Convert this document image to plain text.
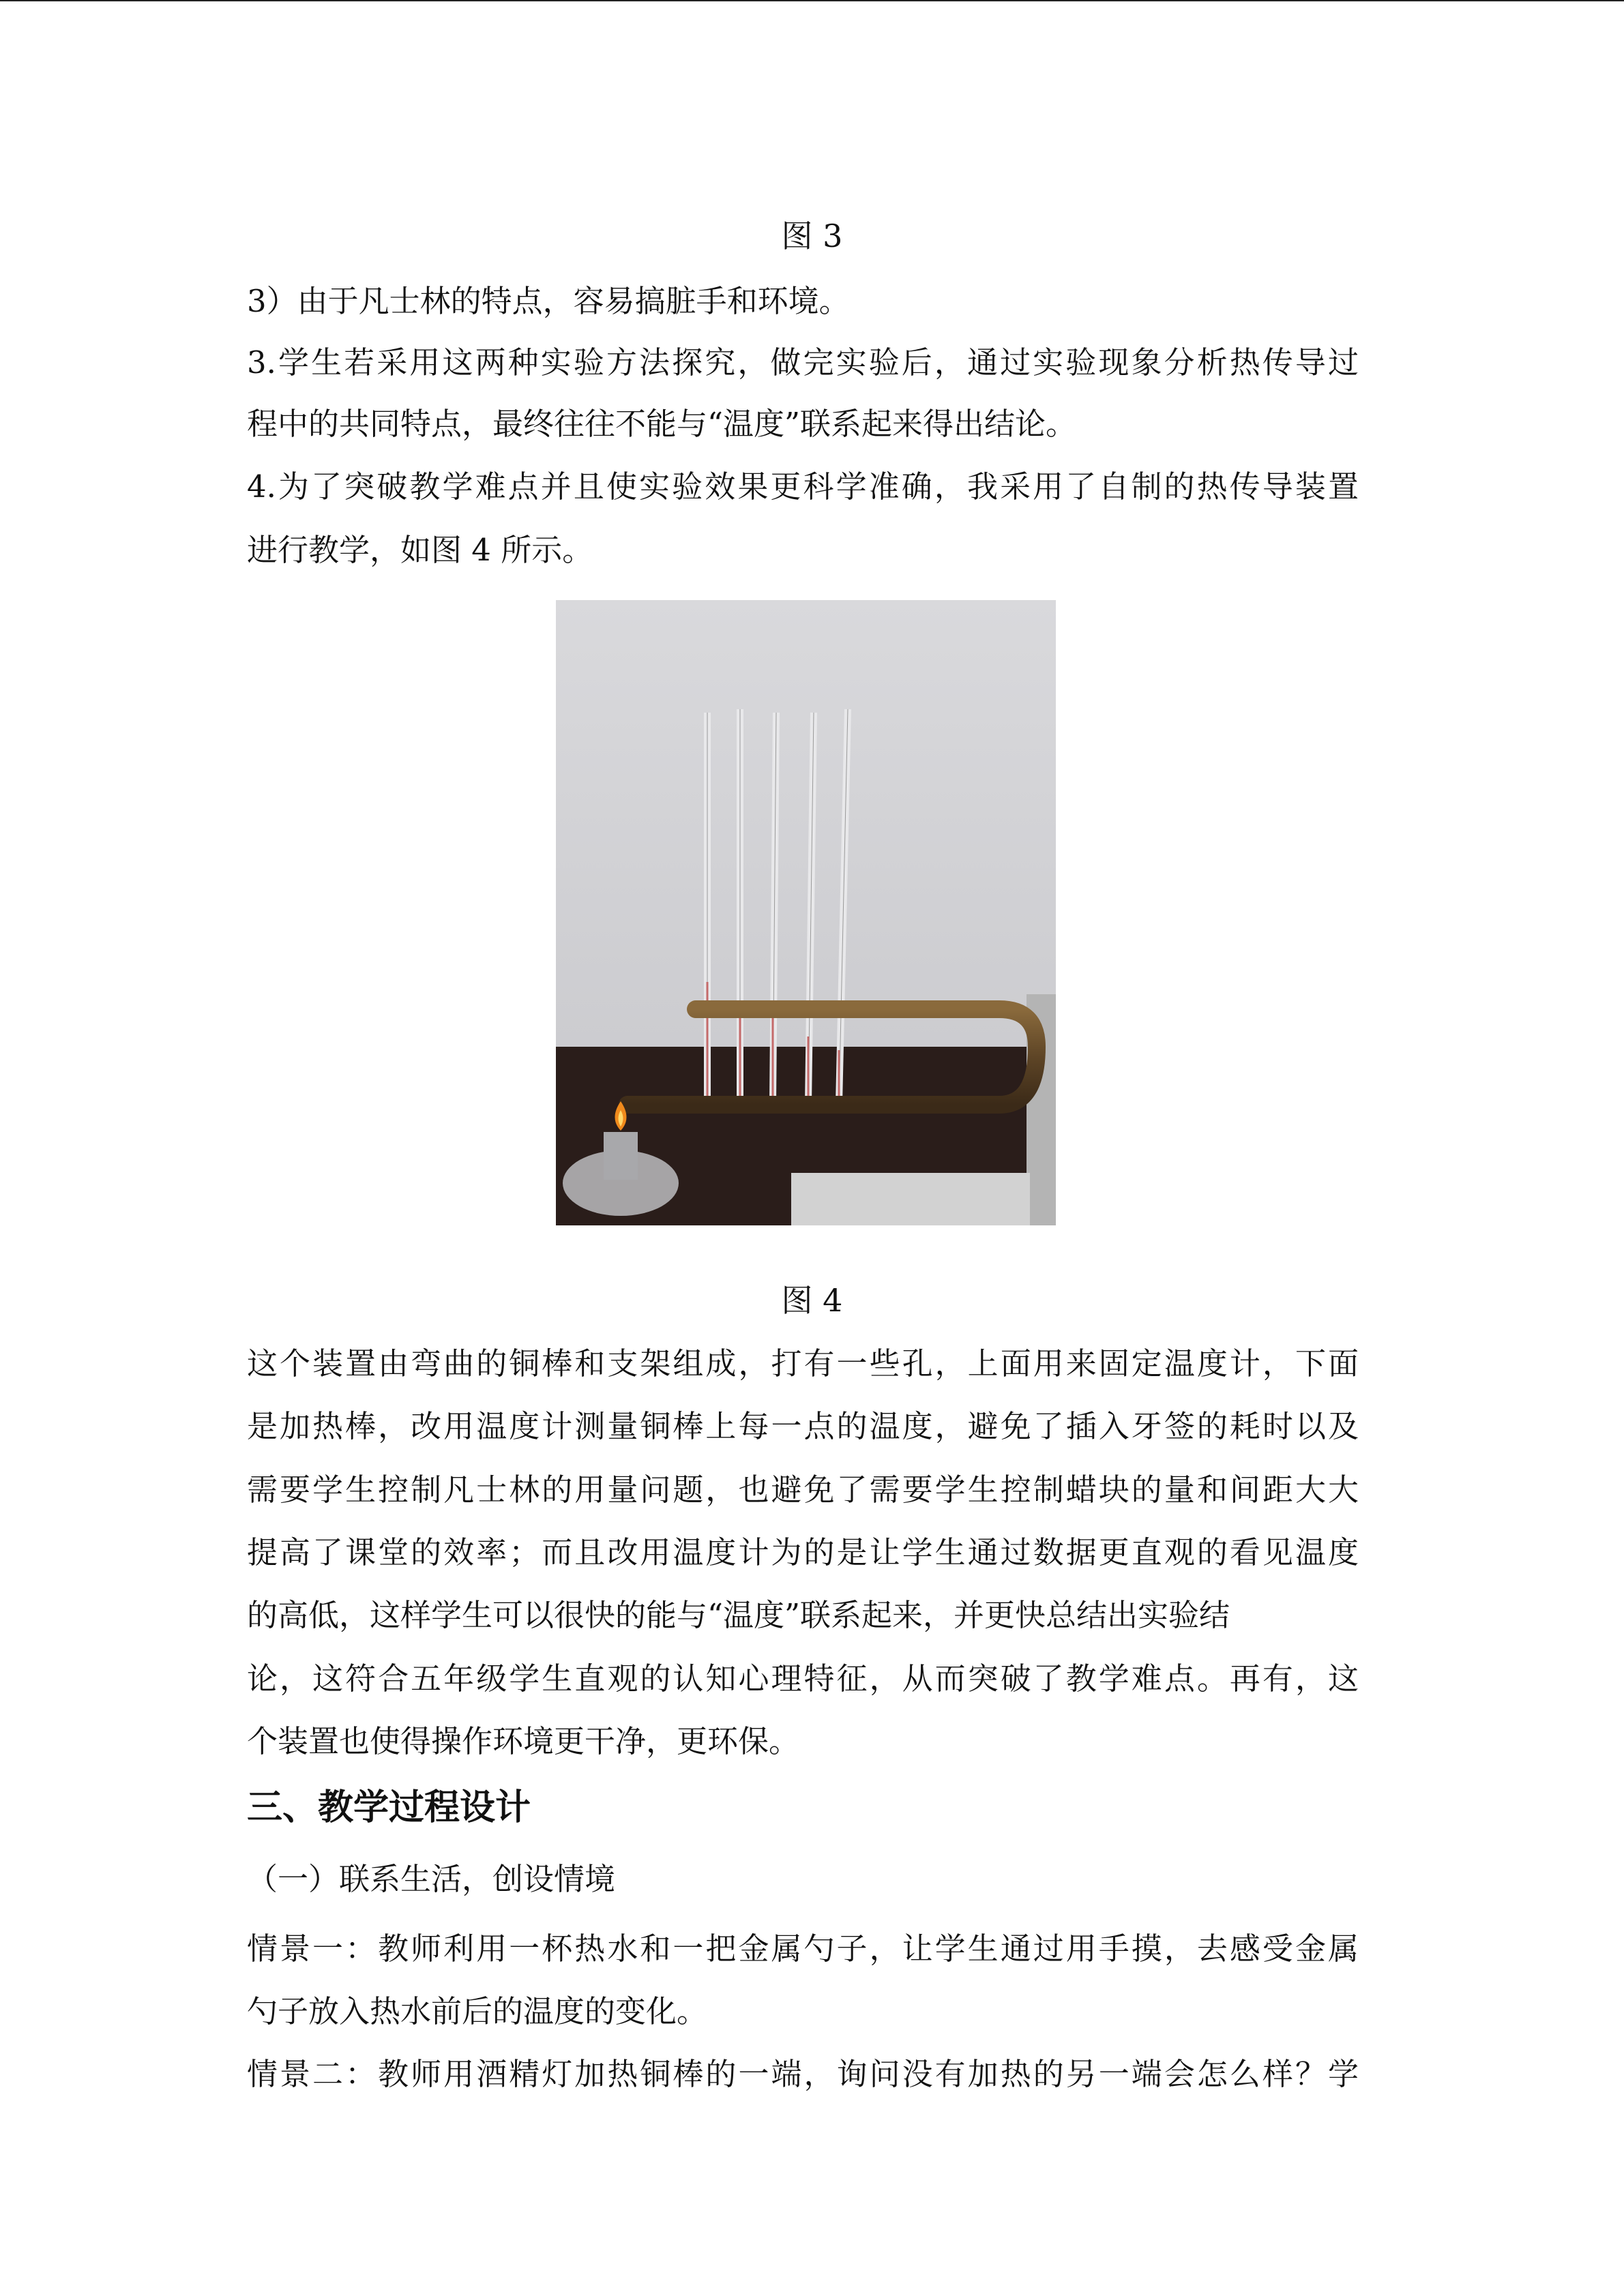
图 3
3）由于凡士林的特点，容易搞脏手和环境。
3.学生若采用这两种实验方法探究，做完实验后，通过实验现象分析热传导过
程中的共同特点，最终往往不能与“温度”联系起来得出结论。
4.为了突破教学难点并且使实验效果更科学准确，我采用了自制的热传导装置
进行教学，如图 4 所示。
图 4
这个装置由弯曲的铜棒和支架组成，打有一些孔，上面用来固定温度计，下面
是加热棒，改用温度计测量铜棒上每一点的温度，避免了插入牙签的耗时以及
需要学生控制凡士林的用量问题，也避免了需要学生控制蜡块的量和间距大大
提高了课堂的效率；而且改用温度计为的是让学生通过数据更直观的看见温度
的高低，这样学生可以很快的能与“温度”联系起来，并更快总结出实验结
论，这符合五年级学生直观的认知心理特征，从而突破了教学难点。再有，这
个装置也使得操作环境更干净，更环保。
三、教学过程设计
（一）联系生活，创设情境
情景一：教师利用一杯热水和一把金属勺子，让学生通过用手摸，去感受金属
勺子放入热水前后的温度的变化。
情景二：教师用酒精灯加热铜棒的一端，询问没有加热的另一端会怎么样？学
